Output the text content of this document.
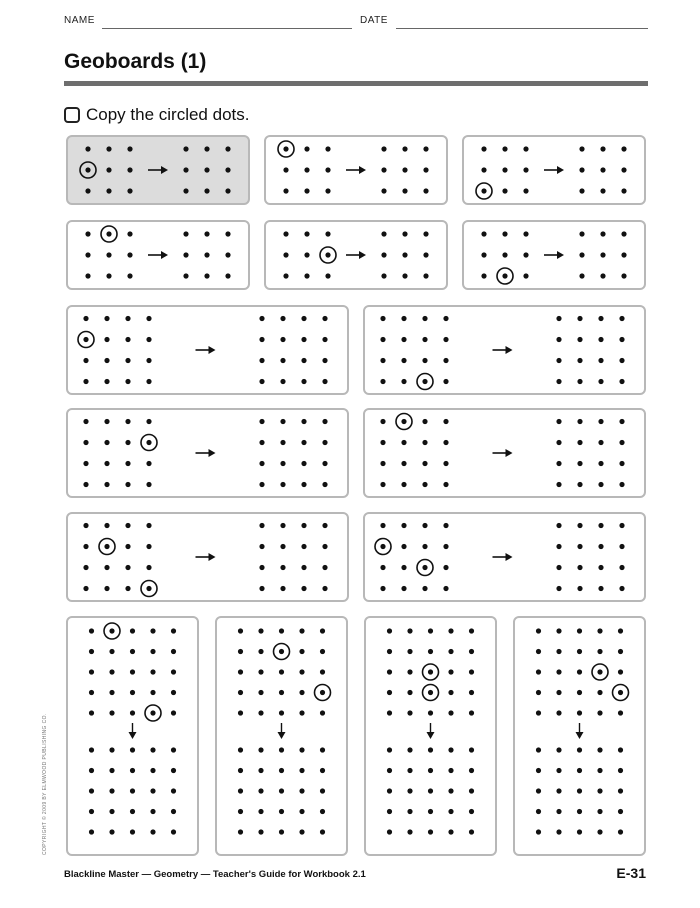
NAME	DATE
Geoboards (1)
Copy the circled dots.
COPYRIGHT © 2009 BY ELMWOOD PUBLISHING CO.
Blackline Master — Geometry — Teacher's Guide for Workbook 2.1	E-31
